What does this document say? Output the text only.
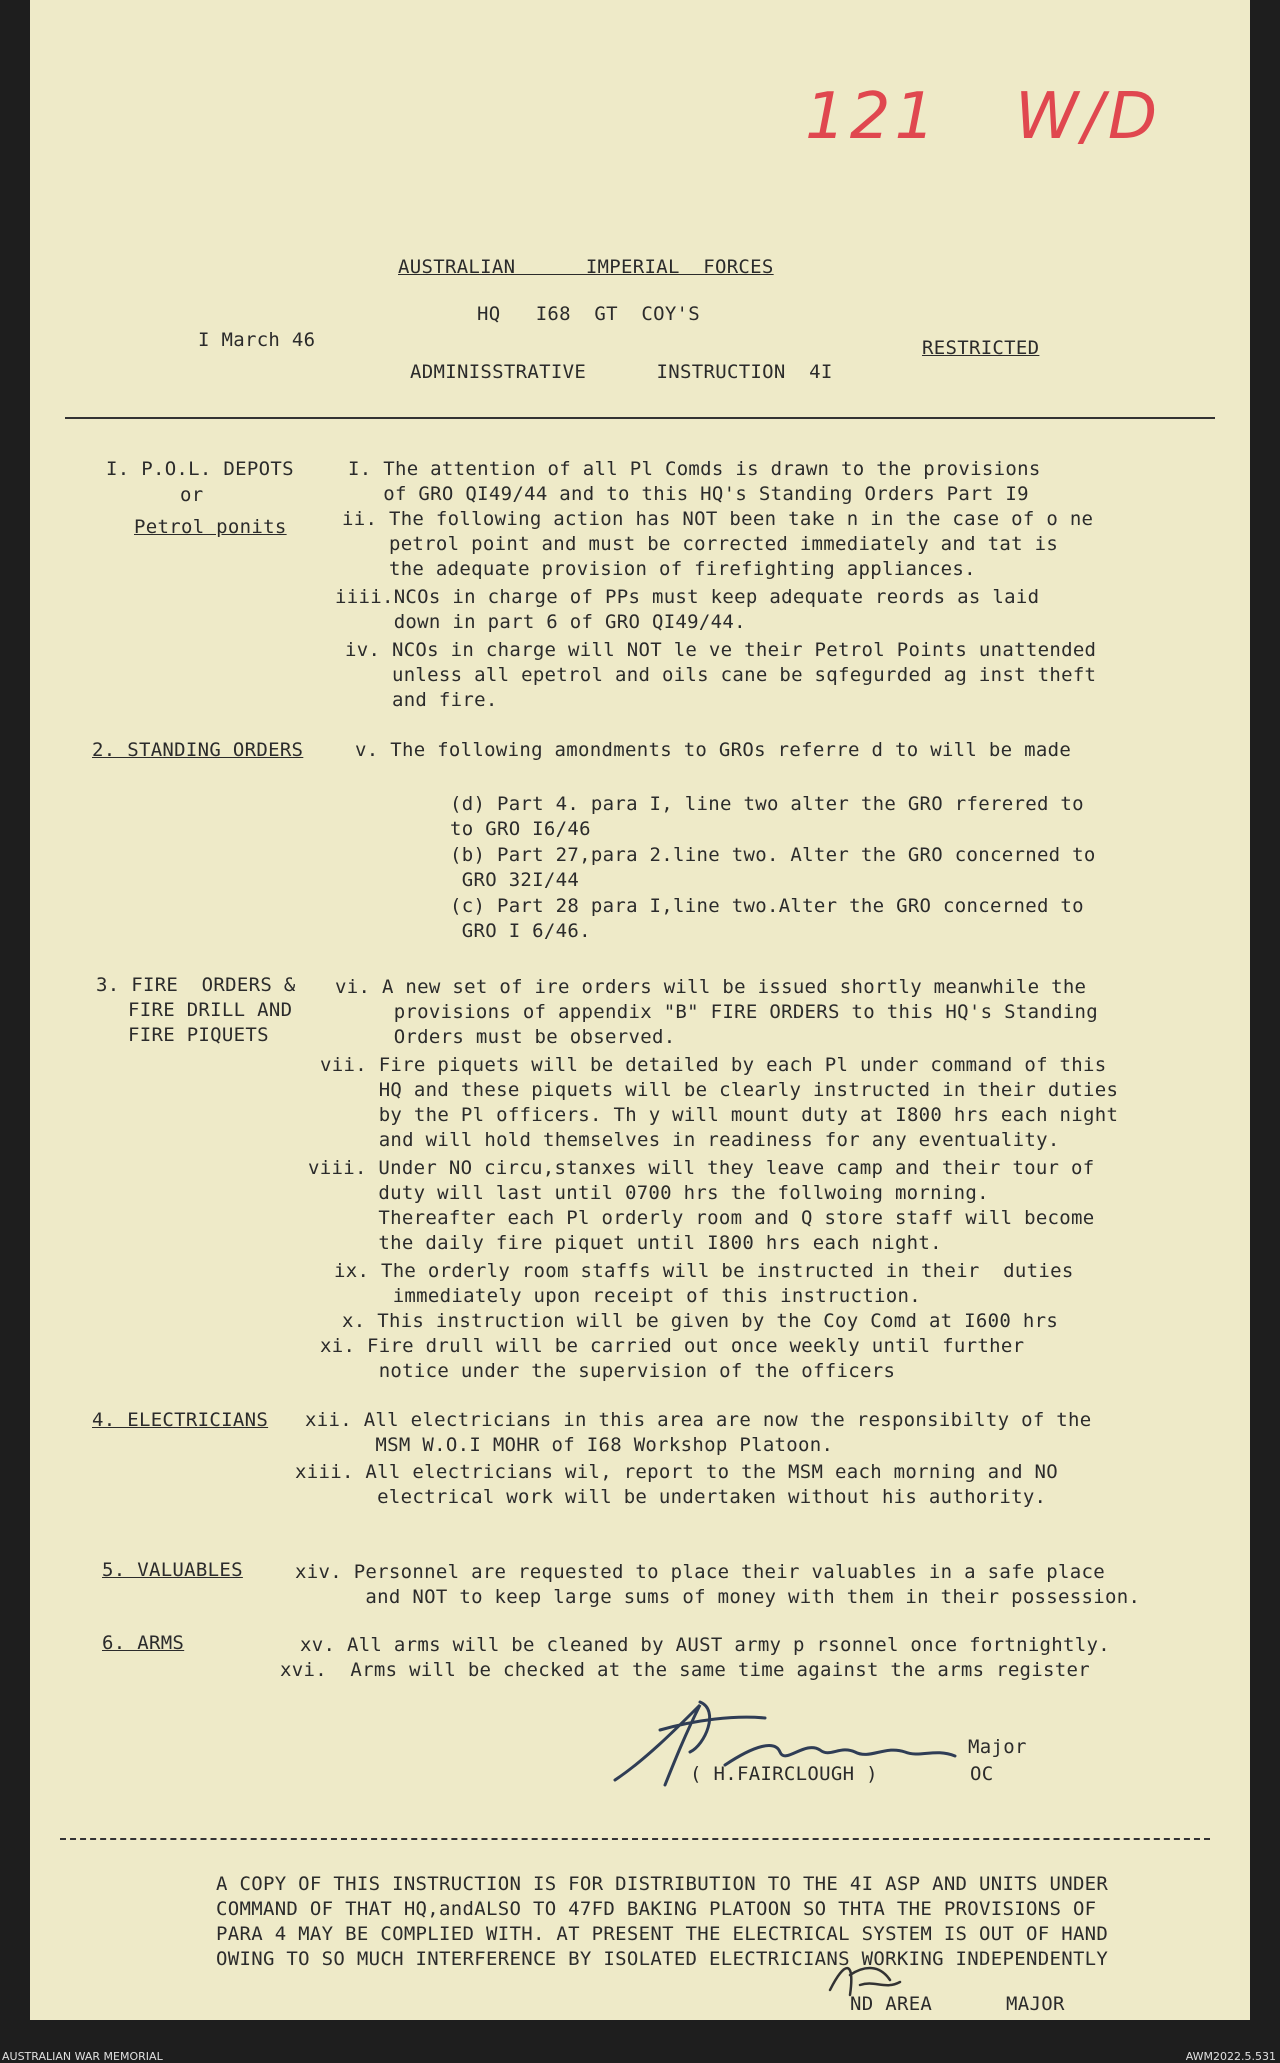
121 W/D
AUSTRALIAN      IMPERIAL  FORCES
HQ   I68  GT  COY'S
I March 46	RESTRICTED
ADMINISSTRATIVE      INSTRUCTION  4I
I. P.O.L. DEPOTS
or
Petrol ponits
I. The attention of all Pl Comds is drawn to the provisions
of GRO QI49/44 and to this HQ's Standing Orders Part I9
ii. The following action has NOT been take n in the case of o ne
petrol point and must be corrected immediately and tat is
the adequate provision of firefighting appliances.
iiii.NCOs in charge of PPs must keep adequate reords as laid
down in part 6 of GRO QI49/44.
iv. NCOs in charge will NOT le ve their Petrol Points unattended
unless all epetrol and oils cane be sqfegurded ag inst theft
and fire.
2. STANDING ORDERS	v. The following amondments to GROs referre d to will be made
(d) Part 4. para I, line two alter the GRO rferered to
to GRO I6/46
(b) Part 27,para 2.line two. Alter the GRO concerned to
GRO 32I/44
(c) Part 28 para I,line two.Alter the GRO concerned to
GRO I 6/46.
3. FIRE  ORDERS &
FIRE DRILL AND
FIRE PIQUETS
vi. A new set of ire orders will be issued shortly meanwhile the
provisions of appendix "B" FIRE ORDERS to this HQ's Standing
Orders must be observed.
vii. Fire piquets will be detailed by each Pl under command of this
HQ and these piquets will be clearly instructed in their duties
by the Pl officers. Th y will mount duty at I800 hrs each night
and will hold themselves in readiness for any eventuality.
viii. Under NO circu,stanxes will they leave camp and their tour of
duty will last until 0700 hrs the follwoing morning.
Thereafter each Pl orderly room and Q store staff will become
the daily fire piquet until I800 hrs each night.
ix. The orderly room staffs will be instructed in their  duties
immediately upon receipt of this instruction.
x. This instruction will be given by the Coy Comd at I600 hrs
xi. Fire drull will be carried out once weekly until further
notice under the supervision of the officers
4. ELECTRICIANS xii. All electricians in this area are now the responsibilty of the
MSM W.O.I MOHR of I68 Workshop Platoon.
xiii. All electricians wil, report to the MSM each morning and NO
electrical work will be undertaken without his authority.
5. VALUABLES	xiv. Personnel are requested to place their valuables in a safe place
and NOT to keep large sums of money with them in their possession.
6. ARMS	xv. All arms will be cleaned by AUST army p rsonnel once fortnightly.
xvi.  Arms will be checked at the same time against the arms register
Major
( H.FAIRCLOUGH )	OC
A COPY OF THIS INSTRUCTION IS FOR DISTRIBUTION TO THE 4I ASP AND UNITS UNDER
COMMAND OF THAT HQ,andALSO TO 47FD BAKING PLATOON SO THTA THE PROVISIONS OF
PARA 4 MAY BE COMPLIED WITH. AT PRESENT THE ELECTRICAL SYSTEM IS OUT OF HAND
OWING TO SO MUCH INTERFERENCE BY ISOLATED ELECTRICIANS WORKING INDEPENDENTLY
ND AREA	MAJOR
AUSTRALIAN WAR MEMORIAL	AWM2022.5.531
